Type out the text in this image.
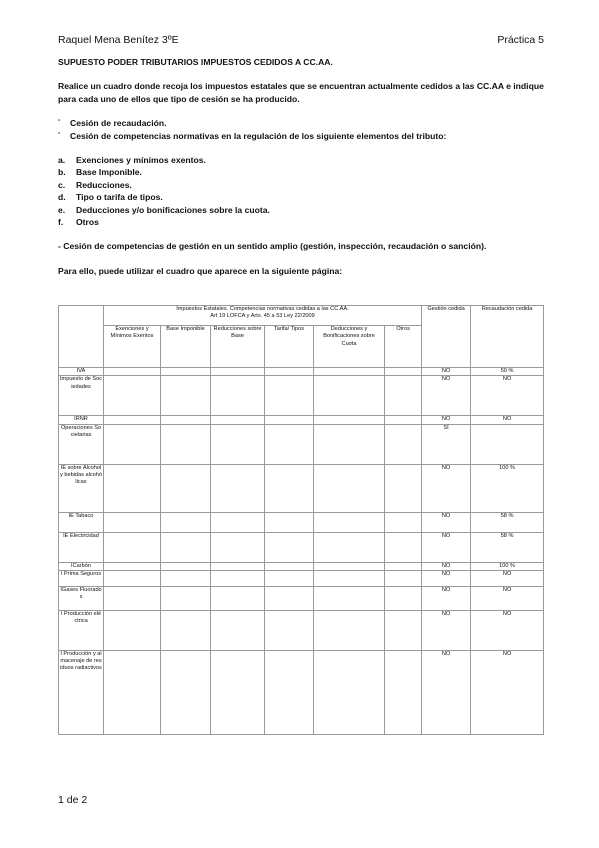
Raquel Mena Benítez 3ºE	Práctica 5
SUPUESTO PODER TRIBUTARIOS IMPUESTOS CEDIDOS A CC.AA.
Realice un cuadro donde recoja los impuestos estatales que se encuentran actualmente cedidos a las CC.AA e indique para cada uno de ellos que tipo de cesión se ha producido.
- Cesión de recaudación.
- Cesión de competencias normativas en la regulación de los siguiente elementos del tributo:
a. Exenciones y mínimos exentos.
b. Base Imponible.
c. Reducciones.
d. Tipo o tarifa de tipos.
e. Deducciones y/o bonificaciones sobre la cuota.
f. Otros
- Cesión de competencias de gestión en un sentido amplio (gestión, inspección, recaudación o sanción).
Para ello, puede utilizar el cuadro que aparece en la siguiente página:

	Impuestos Estatales. Competencias normativas cedidas a las CC.AA.
Art 19 LOFCA y Arts. 45 a 53 Ley 22/2009						Gestión cedida	Recaudación cedida
	Exenciones y Mínimos Exentos	Base Imponible	Reducciones sobre Base	Tarifa/ Tipos	Deducciones y Bonificaciones sobre Cuota	Otros		
IVA							NO	50 %
Impuesto de Sociedades							NO	NO
IRNR							NO	NO
Operaciones Societarias							SÍ	
IE sobre Alcohol y bebidas alcohólicas							NO	100 %
IE Tabaco							NO	58 %
IE Electricidad							NO	58 %
ICarbón							NO	100 %
I Prima Seguros							NO	NO
IGases Fluorados							NO	NO
I Producción eléctrica							NO	NO
I Producción y almacenaje de residuos radiactivos							NO	NO
1 de 2
